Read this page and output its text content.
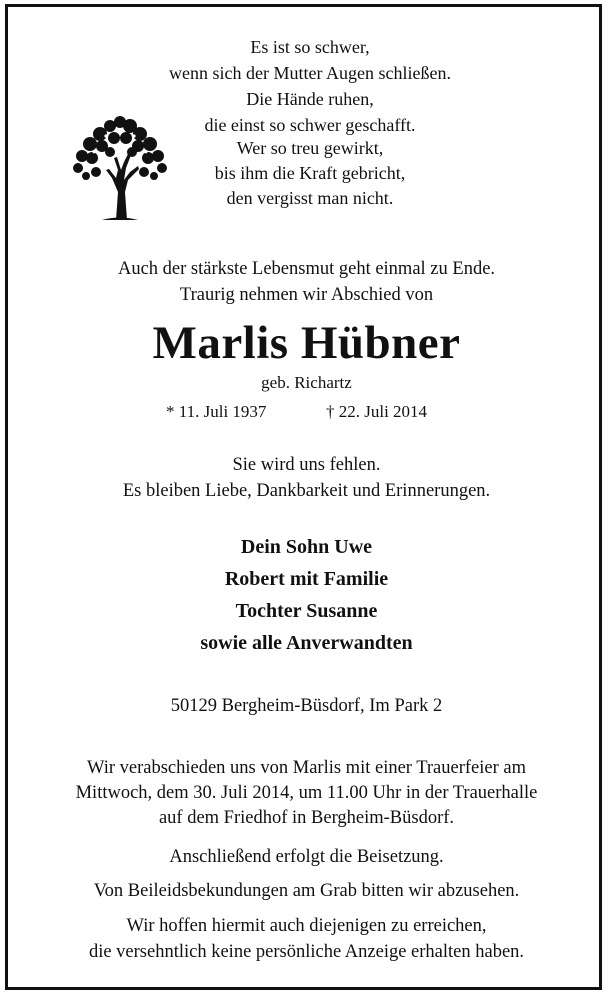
Es ist so schwer,
wenn sich der Mutter Augen schließen.
Die Hände ruhen,
die einst so schwer geschafft.
Wer so treu gewirkt,
bis ihm die Kraft gebricht,
den vergisst man nicht.
Auch der stärkste Lebensmut geht einmal zu Ende.
Traurig nehmen wir Abschied von
Marlis Hübner
geb. Richartz
* 11. Juli 1937	† 22. Juli 2014
Sie wird uns fehlen.
Es bleiben Liebe, Dankbarkeit und Erinnerungen.
Dein Sohn Uwe
Robert mit Familie
Tochter Susanne
sowie alle Anverwandten
50129 Bergheim-Büsdorf, Im Park 2
Wir verabschieden uns von Marlis mit einer Trauerfeier am
Mittwoch, dem 30. Juli 2014, um 11.00 Uhr in der Trauerhalle
auf dem Friedhof in Bergheim-Büsdorf.
Anschließend erfolgt die Beisetzung.
Von Beileidsbekundungen am Grab bitten wir abzusehen.
Wir hoffen hiermit auch diejenigen zu erreichen,
die versehntlich keine persönliche Anzeige erhalten haben.
